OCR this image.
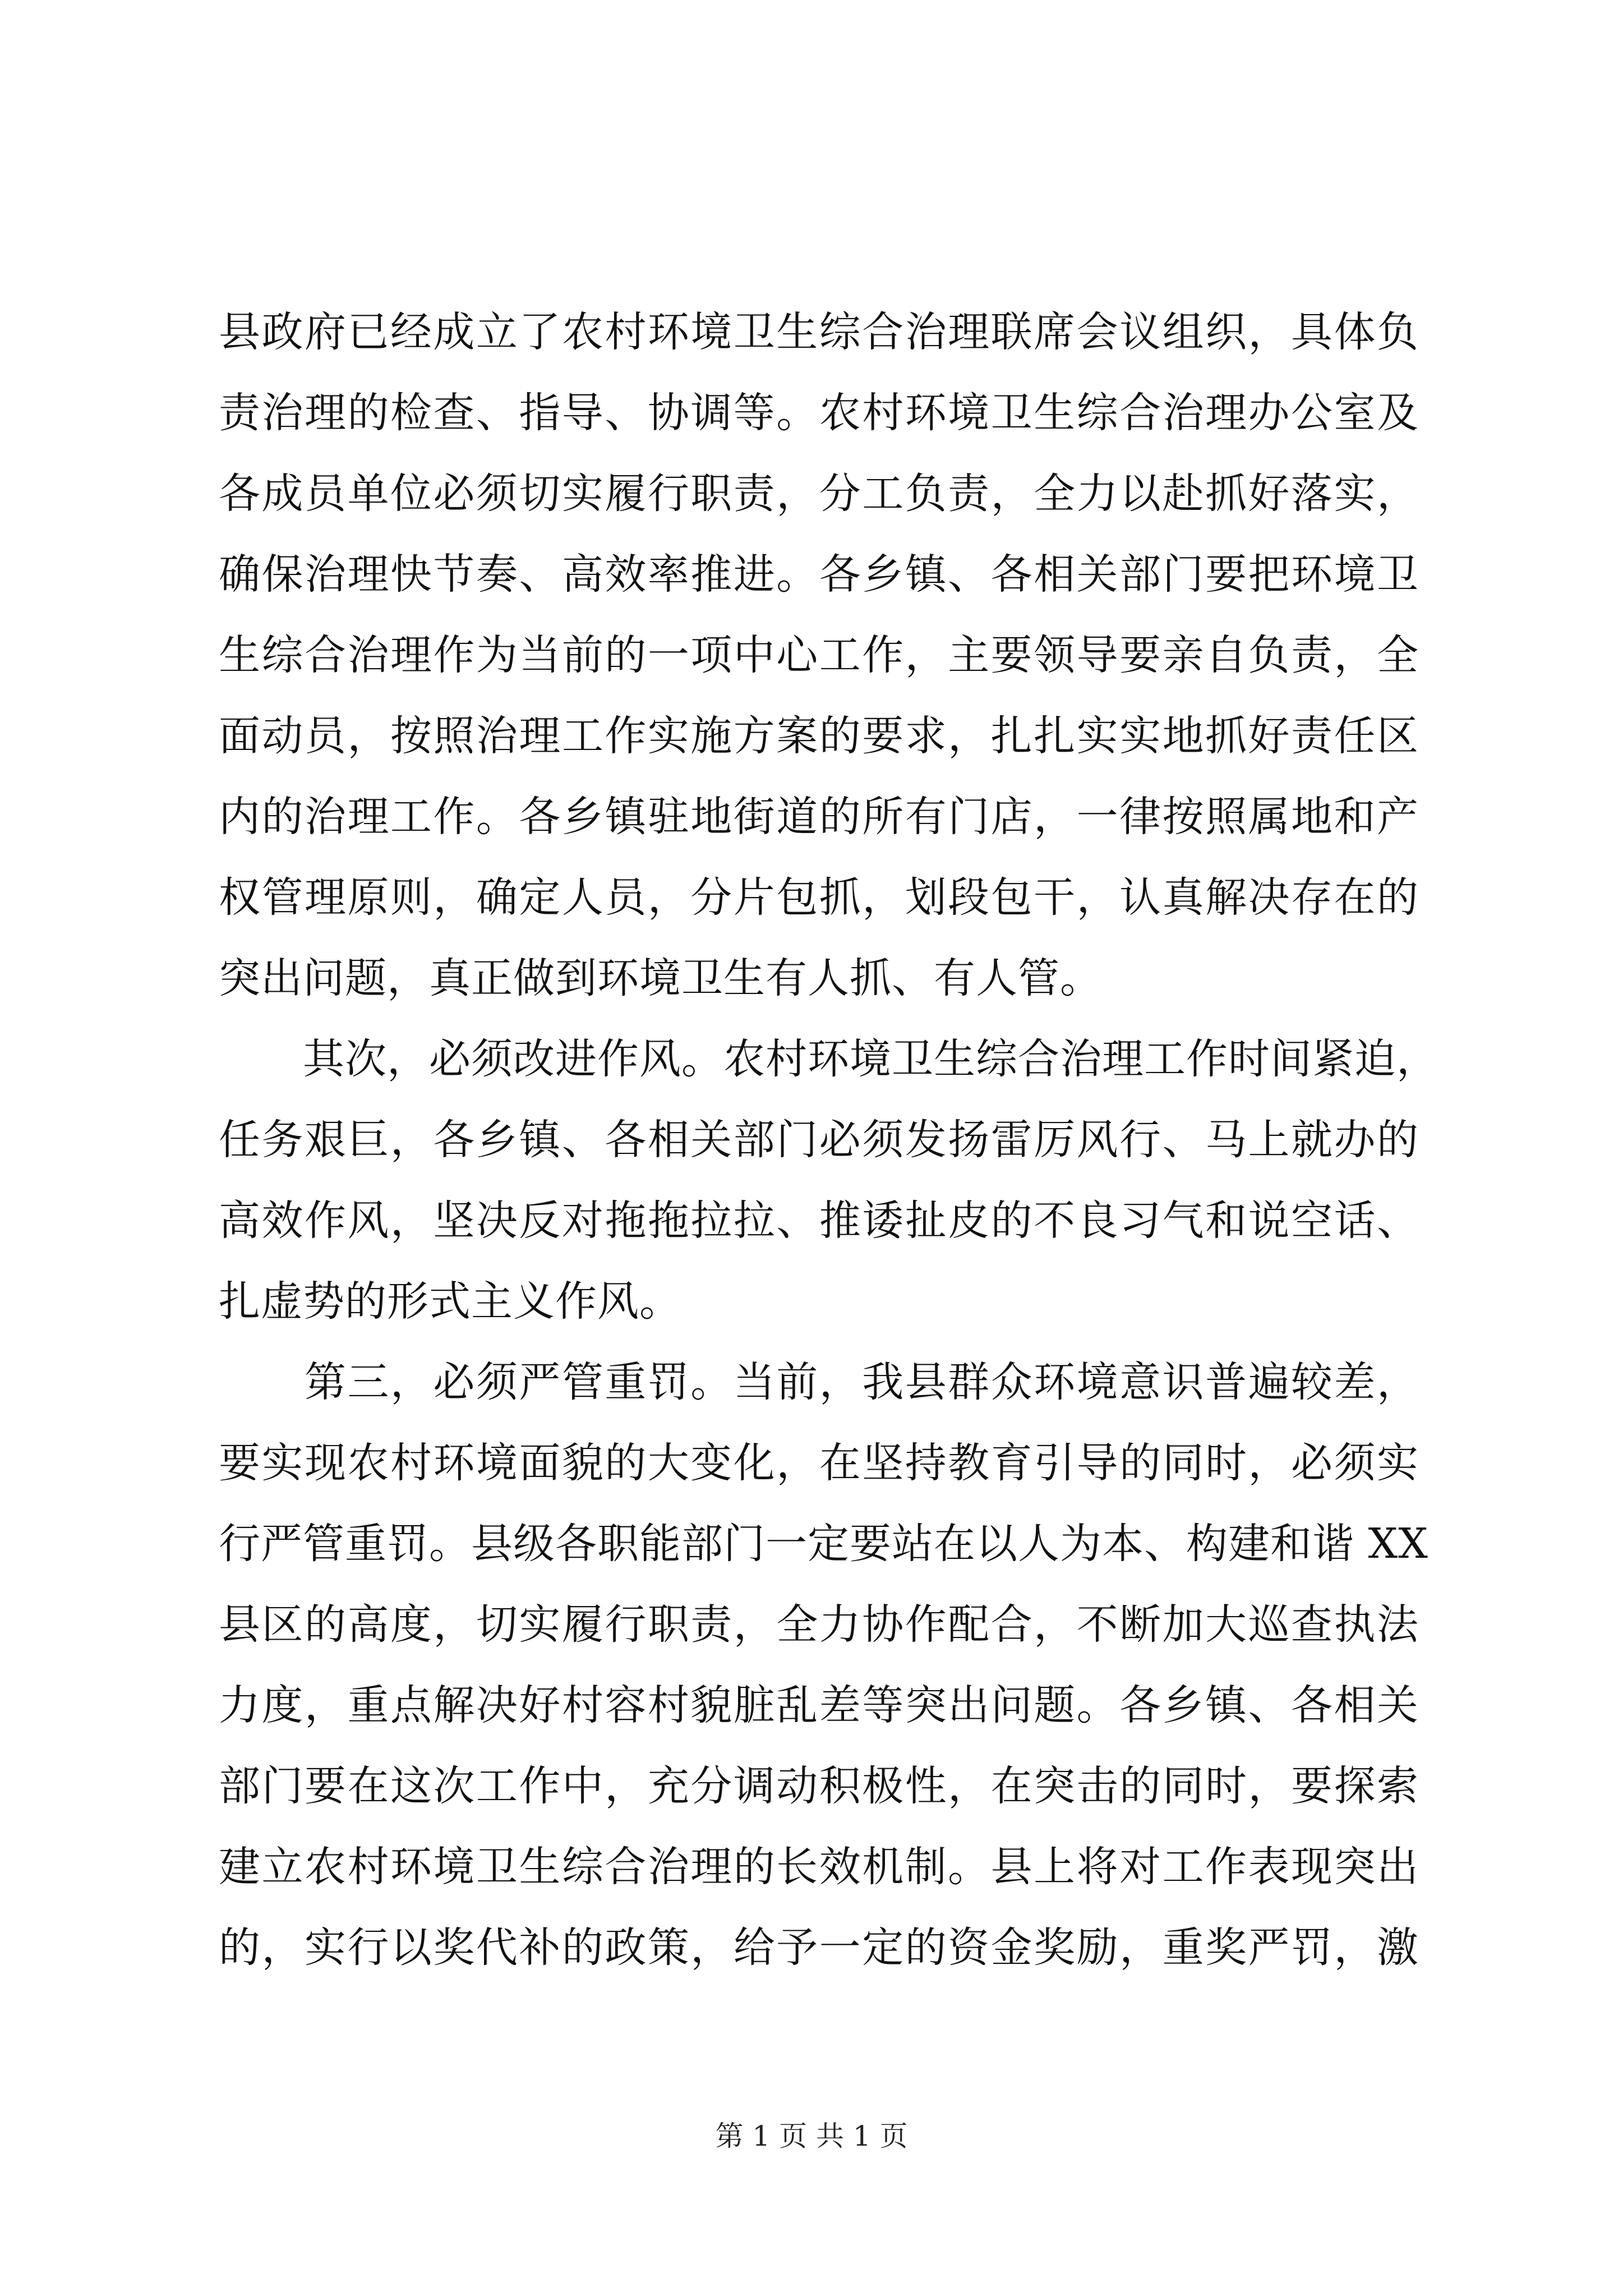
县政府已经成立了农村环境卫生综合治理联席会议组织，具体负
责治理的检查、指导、协调等。农村环境卫生综合治理办公室及
各成员单位必须切实履行职责，分工负责，全力以赴抓好落实，
确保治理快节奏、高效率推进。各乡镇、各相关部门要把环境卫
生综合治理作为当前的一项中心工作，主要领导要亲自负责，全
面动员，按照治理工作实施方案的要求，扎扎实实地抓好责任区
内的治理工作。各乡镇驻地街道的所有门店，一律按照属地和产
权管理原则，确定人员，分片包抓，划段包干，认真解决存在的
突出问题，真正做到环境卫生有人抓、有人管。
　　其次，必须改进作风。农村环境卫生综合治理工作时间紧迫，
任务艰巨，各乡镇、各相关部门必须发扬雷厉风行、马上就办的
高效作风，坚决反对拖拖拉拉、推诿扯皮的不良习气和说空话、
扎虚势的形式主义作风。
　　第三，必须严管重罚。当前，我县群众环境意识普遍较差，
要实现农村环境面貌的大变化，在坚持教育引导的同时，必须实
行严管重罚。县级各职能部门一定要站在以人为本、构建和谐 XX
县区的高度，切实履行职责，全力协作配合，不断加大巡查执法
力度，重点解决好村容村貌脏乱差等突出问题。各乡镇、各相关
部门要在这次工作中，充分调动积极性，在突击的同时，要探索
建立农村环境卫生综合治理的长效机制。县上将对工作表现突出
的，实行以奖代补的政策，给予一定的资金奖励，重奖严罚，激
第 1 页 共 1 页
